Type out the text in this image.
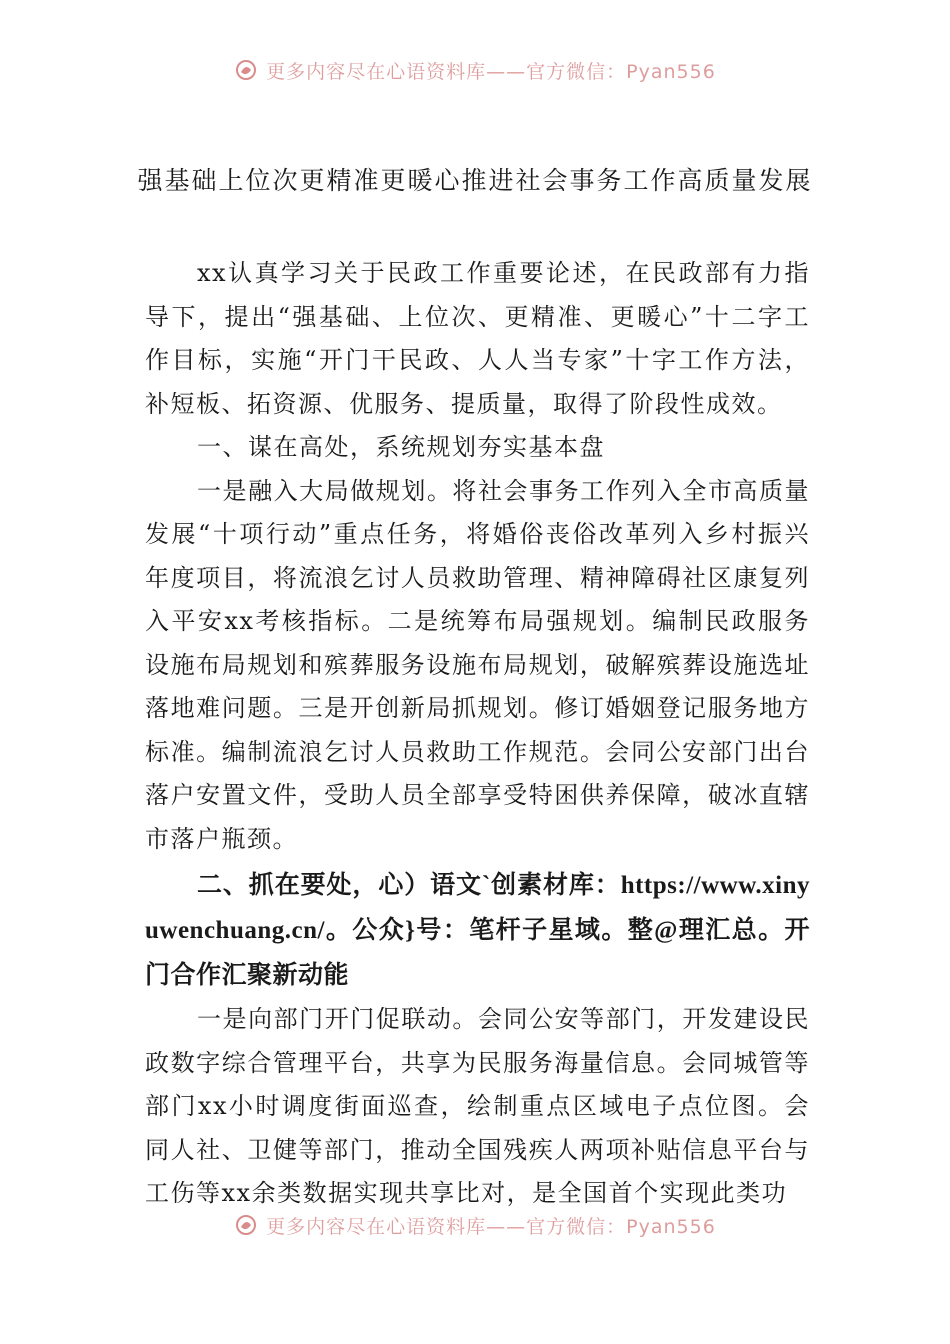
更多内容尽在心语资料库——官方微信：Pyan556
强基础上位次更精准更暖心推进社会事务工作高质量发展

xx认真学习关于民政工作重要论述，在民政部有力指导下，提出“强基础、上位次、更精准、更暖心”十二字工作目标，实施“开门干民政、人人当专家”十字工作方法，补短板、拓资源、优服务、提质量，取得了阶段性成效。

一、谋在高处，系统规划夯实基本盘

一是融入大局做规划。将社会事务工作列入全市高质量发展“十项行动”重点任务，将婚俗丧俗改革列入乡村振兴年度项目，将流浪乞讨人员救助管理、精神障碍社区康复列入平安xx考核指标。二是统筹布局强规划。编制民政服务设施布局规划和殡葬服务设施布局规划，破解殡葬设施选址落地难问题。三是开创新局抓规划。修订婚姻登记服务地方标准。编制流浪乞讨人员救助工作规范。会同公安部门出台落户安置文件，受助人员全部享受特困供养保障，破冰直辖市落户瓶颈。

二、抓在要处，心）语文`创素材库：https://www.xinyuwenchuang.cn/。公众}号：笔杆子星域。整@理汇总。开门合作汇聚新动能

一是向部门开门促联动。会同公安等部门，开发建设民政数字综合管理平台，共享为民服务海量信息。会同城管等部门xx小时调度街面巡查，绘制重点区域电子点位图。会同人社、卫健等部门，推动全国残疾人两项补贴信息平台与工伤等xx余类数据实现共享比对，是全国首个实现此类功

更多内容尽在心语资料库——官方微信：Pyan556
